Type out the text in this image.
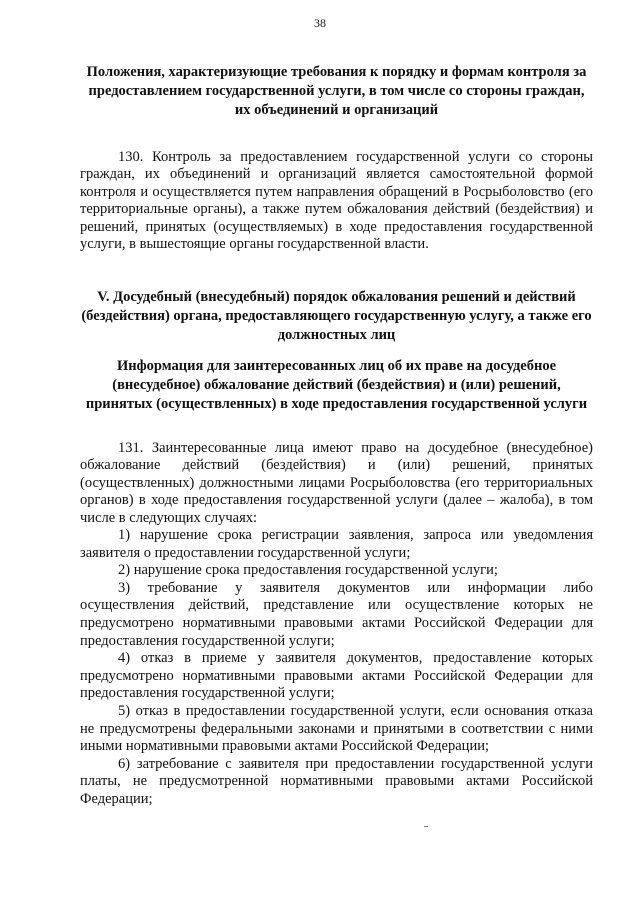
38
Положения, характеризующие требования к порядку и формам контроля за предоставлением государственной услуги, в том числе со стороны граждан, их объединений и организаций

130. Контроль за предоставлением государственной услуги со стороны граждан, их объединений и организаций является самостоятельной формой контроля и осуществляется путем направления обращений в Росрыболовство (его территориальные органы), а также путем обжалования действий (бездействия) и решений, принятых (осуществляемых) в ходе предоставления государственной услуги, в вышестоящие органы государственной власти.

V. Досудебный (внесудебный) порядок обжалования решений и действий (бездействия) органа, предоставляющего государственную услугу, а также его должностных лиц
Информация для заинтересованных лиц об их праве на досудебное (внесудебное) обжалование действий (бездействия) и (или) решений, принятых (осуществленных) в ходе предоставления государственной услуги

131. Заинтересованные лица имеют право на досудебное (внесудебное) обжалование действий (бездействия) и (или) решений, принятых (осуществленных) должностными лицами Росрыболовства (его территориальных органов) в ходе предоставления государственной услуги (далее – жалоба), в том числе в следующих случаях:

1) нарушение срока регистрации заявления, запроса или уведомления заявителя о предоставлении государственной услуги;

2) нарушение срока предоставления государственной услуги;

3) требование у заявителя документов или информации либо осуществления действий, представление или осуществление которых не предусмотрено нормативными правовыми актами Российской Федерации для предоставления государственной услуги;

4) отказ в приеме у заявителя документов, предоставление которых предусмотрено нормативными правовыми актами Российской Федерации для предоставления государственной услуги;

5) отказ в предоставлении государственной услуги, если основания отказа не предусмотрены федеральными законами и принятыми в соответствии с ними иными нормативными правовыми актами Российской Федерации;

6) затребование с заявителя при предоставлении государственной услуги платы, не предусмотренной нормативными правовыми актами Российской Федерации;
